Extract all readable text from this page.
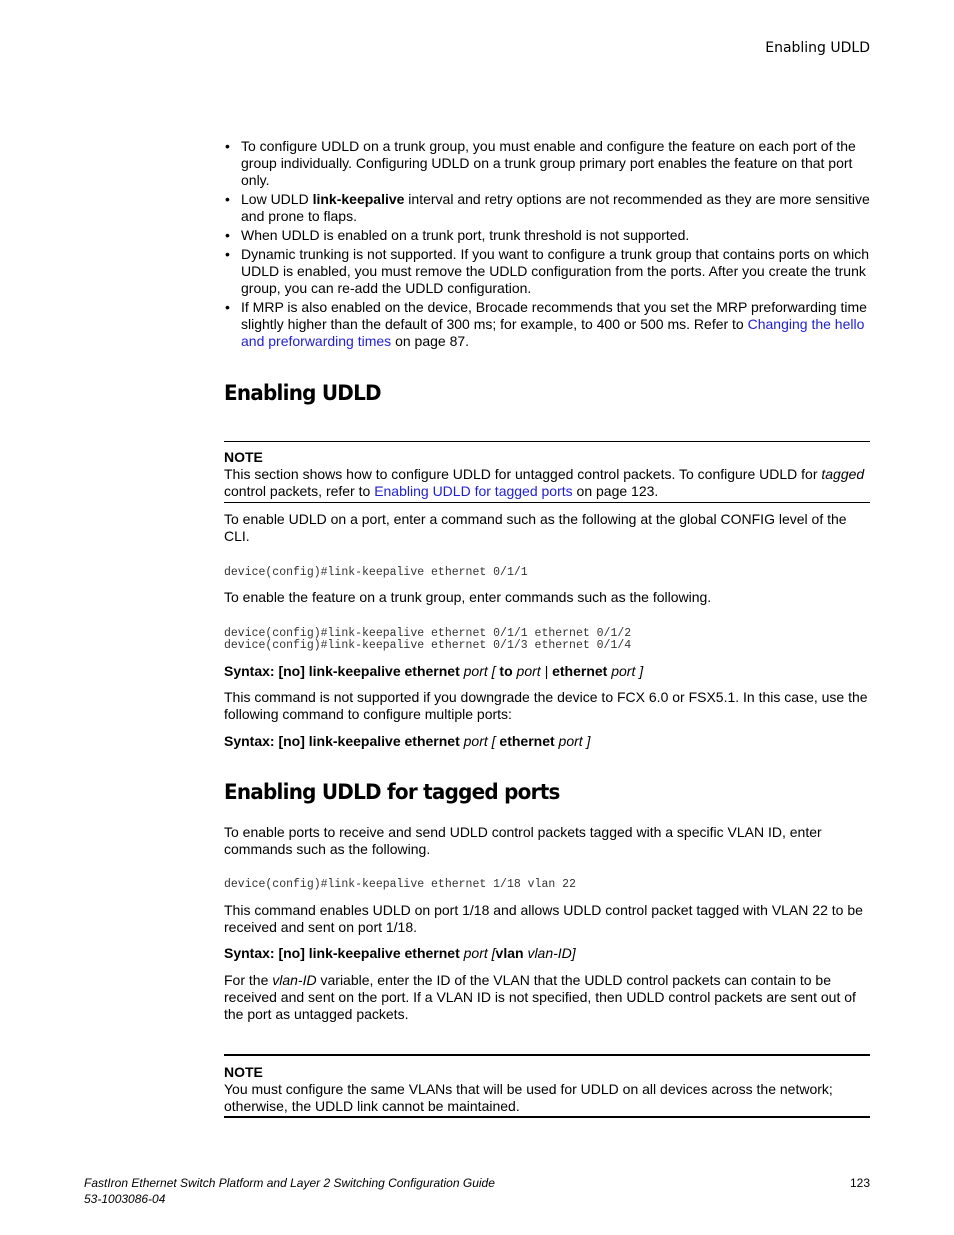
Enabling UDLD
• To configure UDLD on a trunk group, you must enable and configure the feature on each port of the group individually. Configuring UDLD on a trunk group primary port enables the feature on that port only.
• Low UDLD link-keepalive interval and retry options are not recommended as they are more sensitive and prone to flaps.
• When UDLD is enabled on a trunk port, trunk threshold is not supported.
• Dynamic trunking is not supported. If you want to configure a trunk group that contains ports on which UDLD is enabled, you must remove the UDLD configuration from the ports. After you create the trunk group, you can re-add the UDLD configuration.
• If MRP is also enabled on the device, Brocade recommends that you set the MRP preforwarding time slightly higher than the default of 300 ms; for example, to 400 or 500 ms. Refer to Changing the hello and preforwarding times on page 87.
Enabling UDLD
NOTE
This section shows how to configure UDLD for untagged control packets. To configure UDLD for tagged control packets, refer to Enabling UDLD for tagged ports on page 123.
To enable UDLD on a port, enter a command such as the following at the global CONFIG level of the CLI.
device(config)#link-keepalive ethernet 0/1/1
To enable the feature on a trunk group, enter commands such as the following.
device(config)#link-keepalive ethernet 0/1/1 ethernet 0/1/2
device(config)#link-keepalive ethernet 0/1/3 ethernet 0/1/4
Syntax: [no] link-keepalive ethernet port [ to port | ethernet port ]
This command is not supported if you downgrade the device to FCX 6.0 or FSX5.1. In this case, use the following command to configure multiple ports:
Syntax: [no] link-keepalive ethernet port [ ethernet port ]
Enabling UDLD for tagged ports
To enable ports to receive and send UDLD control packets tagged with a specific VLAN ID, enter commands such as the following.
device(config)#link-keepalive ethernet 1/18 vlan 22
This command enables UDLD on port 1/18 and allows UDLD control packet tagged with VLAN 22 to be received and sent on port 1/18.
Syntax: [no] link-keepalive ethernet port [vlan vlan-ID]
For the vlan-ID variable, enter the ID of the VLAN that the UDLD control packets can contain to be received and sent on the port. If a VLAN ID is not specified, then UDLD control packets are sent out of the port as untagged packets.
NOTE
You must configure the same VLANs that will be used for UDLD on all devices across the network; otherwise, the UDLD link cannot be maintained.
FastIron Ethernet Switch Platform and Layer 2 Switching Configuration Guide
53-1003086-04
123
